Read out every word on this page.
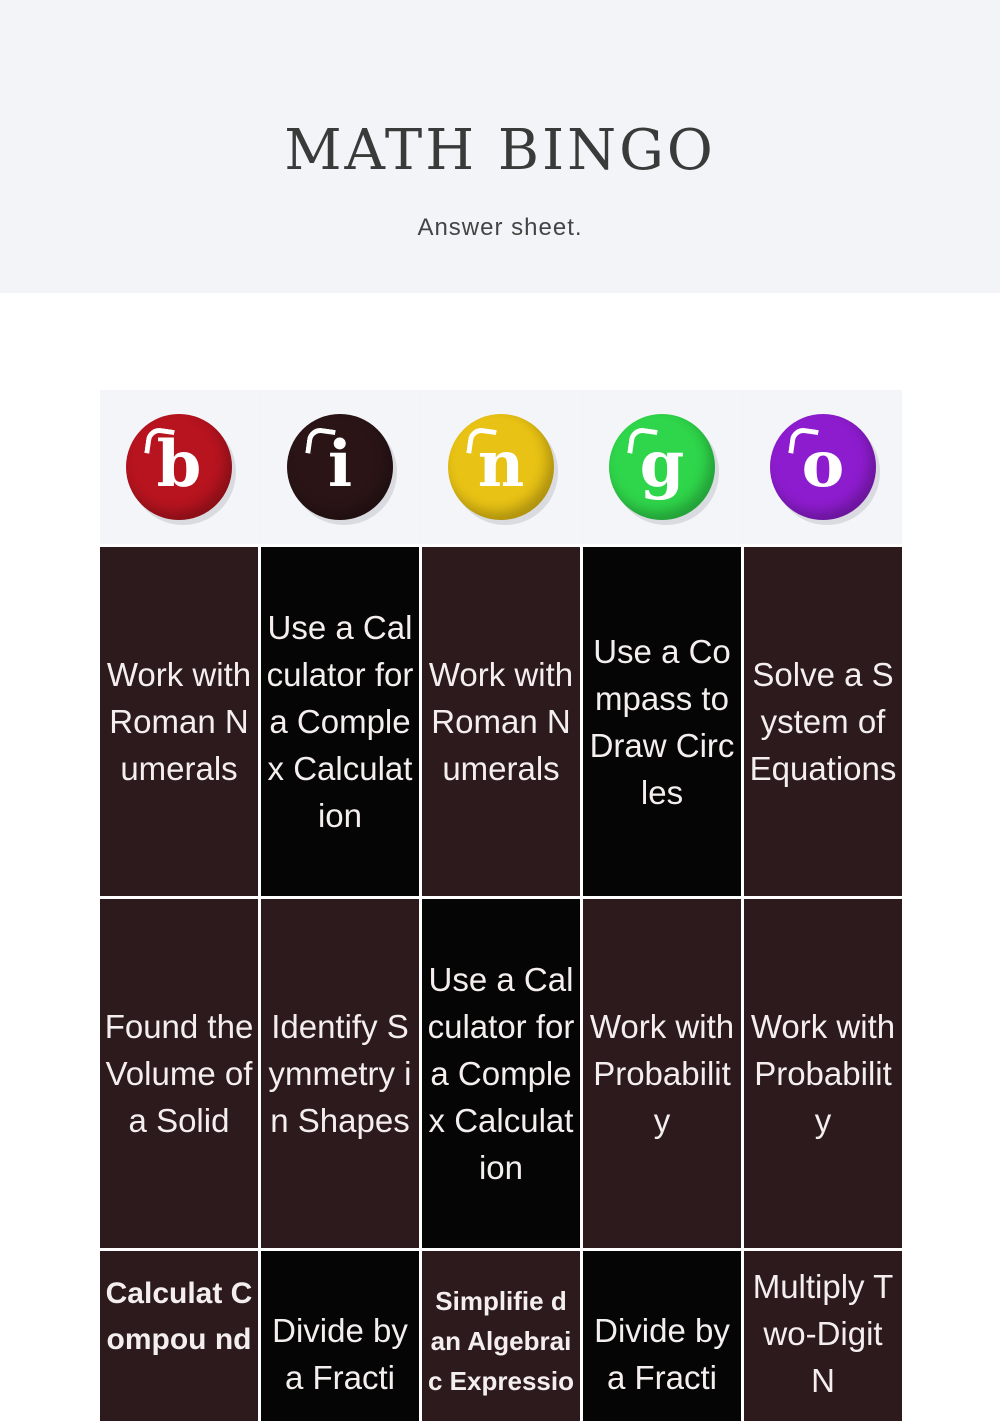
MATH BINGO
Answer sheet.
b i n g o
Work with Roman Numerals
Use a Calculator for a Complex Calculation
Work with Roman Numerals
Use a Compass to Draw Circles
Solve a System of Equations
Found the Volume of a Solid
Identify Symmetry in Shapes
Use a Calculator for a Complex Calculation
Work with Probability
Work with Probability
Calculat Compou nd Divide by a Fracti
Simplifie d an Algebraic Expressio
Divide by a Fracti
Multiply Two-Digit N
